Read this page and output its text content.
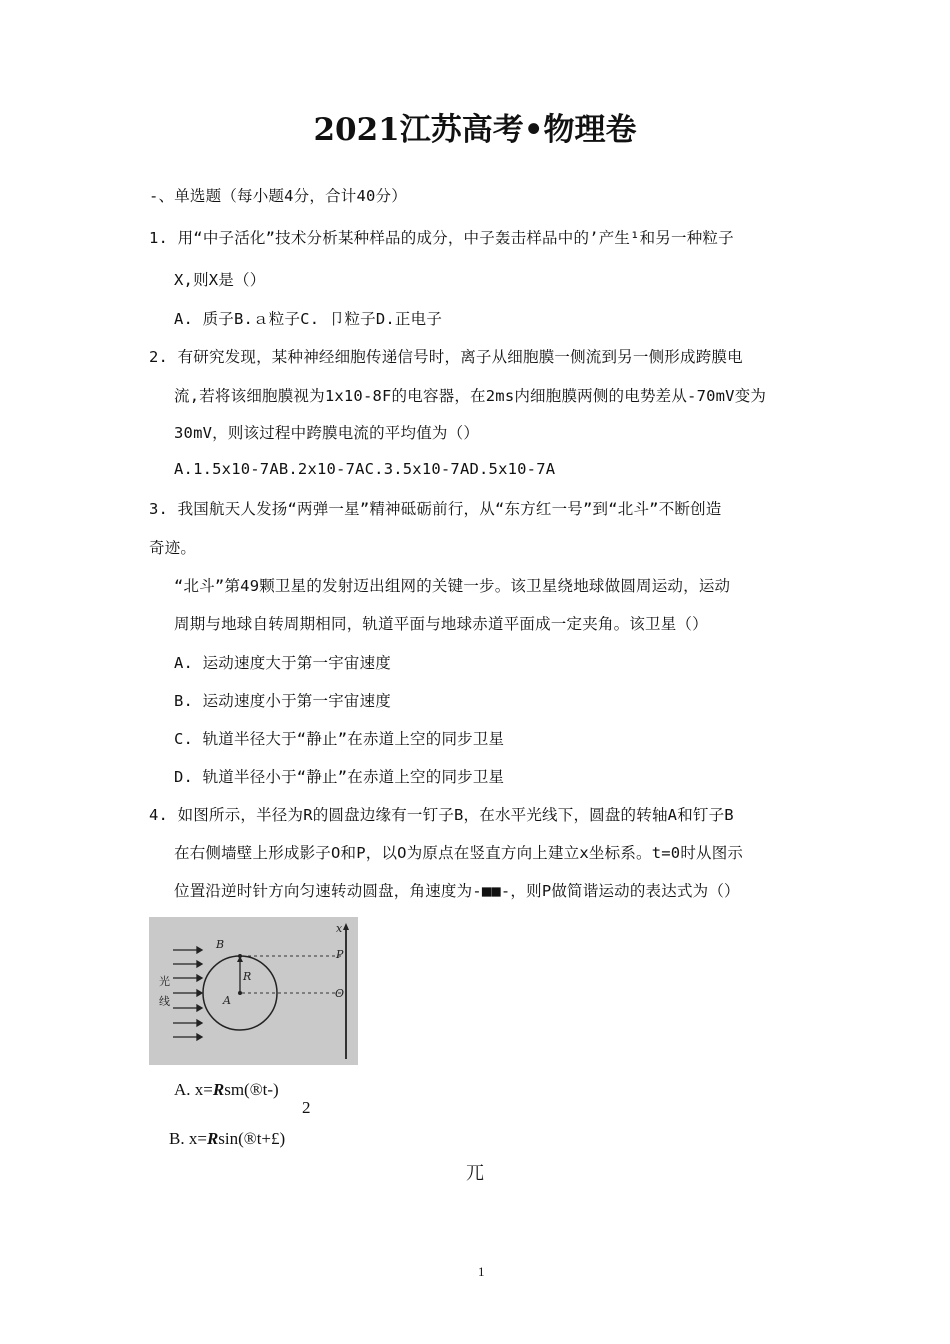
2021江苏高考•物理卷
-、单选题（每小题4分，合计40分）
1. 用“中子活化”技术分析某种样品的成分，中子轰击样品中的’产生¹和另一种粒子
X,则X是（）
A. 质子B.ａ粒子C. 卩粒子D.正电子
2. 有研究发现，某种神经细胞传递信号时，离子从细胞膜一侧流到另一侧形成跨膜电
流,若将该细胞膜视为1x10-8F的电容器，在2ms内细胞膜两侧的电势差从-70mV变为
30mV，则该过程中跨膜电流的平均值为（）
A.1.5x10-7AB.2x10-7AC.3.5x10-7AD.5x10-7A
3. 我国航天人发扬“两弹一星”精神砥砺前行，从“东方红一号”到“北斗”不断创造
奇迹。
“北斗”第49颗卫星的发射迈出组网的关键一步。该卫星绕地球做圆周运动，运动
周期与地球自转周期相同，轨道平面与地球赤道平面成一定夹角。该卫星（）
A. 运动速度大于第一宇宙速度
B. 运动速度小于第一宇宙速度
C. 轨道半径大于“静止”在赤道上空的同步卫星
D. 轨道半径小于“静止”在赤道上空的同步卫星
4. 如图所示，半径为R的圆盘边缘有一钉子B，在水平光线下，圆盘的转轴A和钉子B
在右侧墙壁上形成影子O和P，以O为原点在竖直方向上建立x坐标系。t=0时从图示
位置沿逆时针方向匀速转动圆盘，角速度为-■■-，则P做简谐运动的表达式为（）
光
线
B
R
A
x
P
O
A. x=Rsm(®t-)
2
B. x=Rsin(®t+£)
兀
1
